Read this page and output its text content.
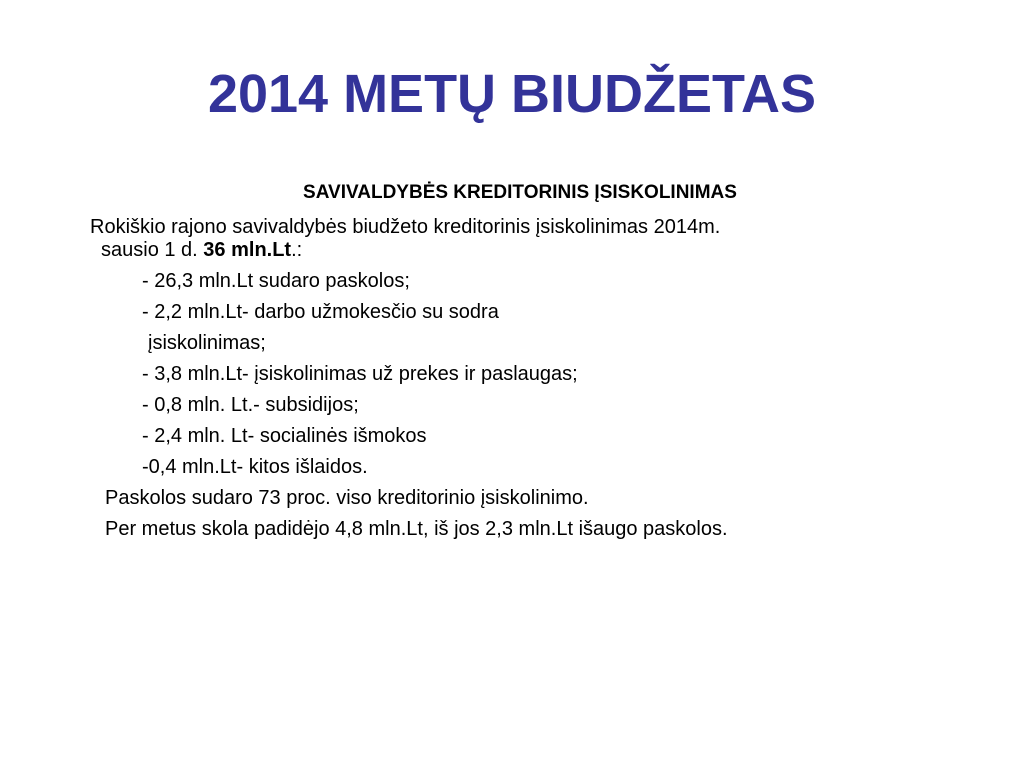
2014 METŲ BIUDŽETAS
SAVIVALDYBĖS KREDITORINIS ĮSISKOLINIMAS
Rokiškio rajono savivaldybės biudžeto kreditorinis įsiskolinimas 2014m.
sausio 1 d. 36 mln.Lt.:
- 26,3 mln.Lt sudaro paskolos;
- 2,2 mln.Lt- darbo užmokesčio su sodra
įsiskolinimas;
- 3,8 mln.Lt- įsiskolinimas už prekes ir paslaugas;
- 0,8 mln. Lt.- subsidijos;
- 2,4 mln. Lt- socialinės išmokos
-0,4 mln.Lt- kitos išlaidos.
Paskolos sudaro 73 proc. viso kreditorinio įsiskolinimo.
Per metus skola padidėjo 4,8 mln.Lt, iš jos 2,3 mln.Lt išaugo paskolos.
